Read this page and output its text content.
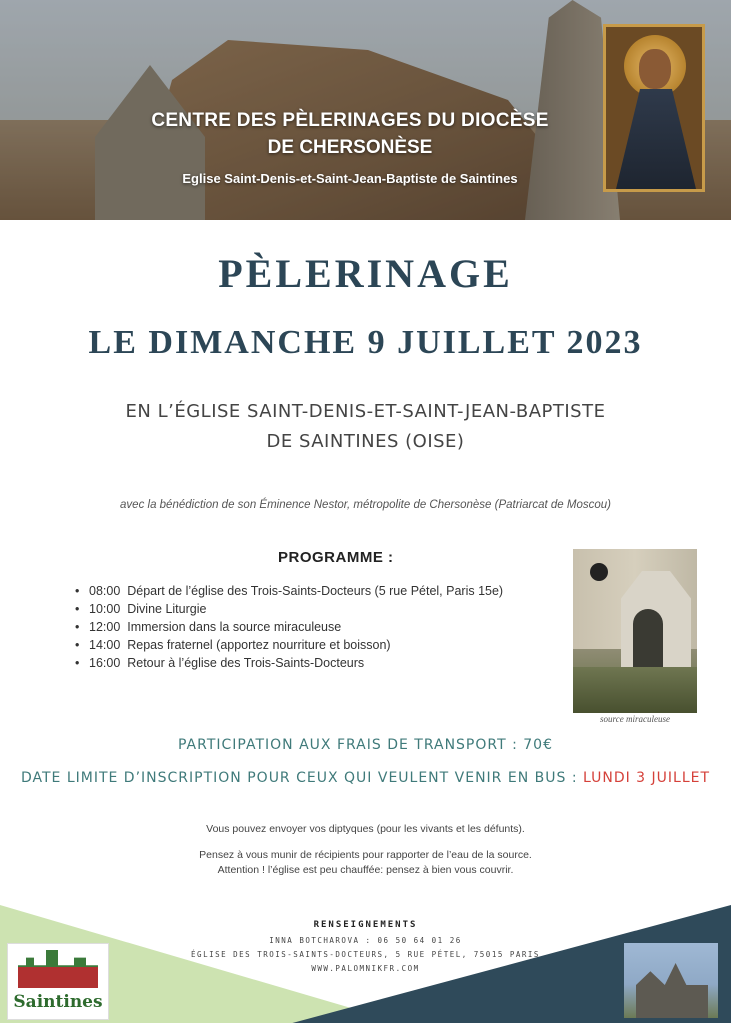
CENTRE DES PÈLERINAGES DU DIOCÈSE
DE CHERSONÈSE
Eglise Saint-Denis-et-Saint-Jean-Baptiste de Saintines
PÈLERINAGE
LE DIMANCHE 9 JUILLET 2023
EN L’ÉGLISE SAINT-DENIS-ET-SAINT-JEAN-BAPTISTE
DE SAINTINES (OISE)
avec la bénédiction de son Éminence Nestor, métropolite de Chersonèse (Patriarcat de Moscou)
PROGRAMME :
• 08:00 Départ de l’église des Trois-Saints-Docteurs (5 rue Pétel, Paris 15e)
• 10:00 Divine Liturgie
• 12:00 Immersion dans la source miraculeuse
• 14:00 Repas fraternel (apportez nourriture et boisson)
• 16:00 Retour à l’église des Trois-Saints-Docteurs
source miraculeuse
PARTICIPATION AUX FRAIS DE TRANSPORT : 70€
DATE LIMITE D’INSCRIPTION POUR CEUX QUI VEULENT VENIR EN BUS : LUNDI 3 JUILLET
Vous pouvez envoyer vos diptyques (pour les vivants et les défunts).
Pensez à vous munir de récipients pour rapporter de l’eau de la source.
Attention ! l’église est peu chauffée: pensez à bien vous couvrir.
RENSEIGNEMENTS
INNA BOTCHAROVA : 06 50 64 01 26
ÉGLISE DES TROIS-SAINTS-DOCTEURS, 5 RUE PÉTEL, 75015 PARIS
WWW.PALOMNIKFR.COM
Saintines
